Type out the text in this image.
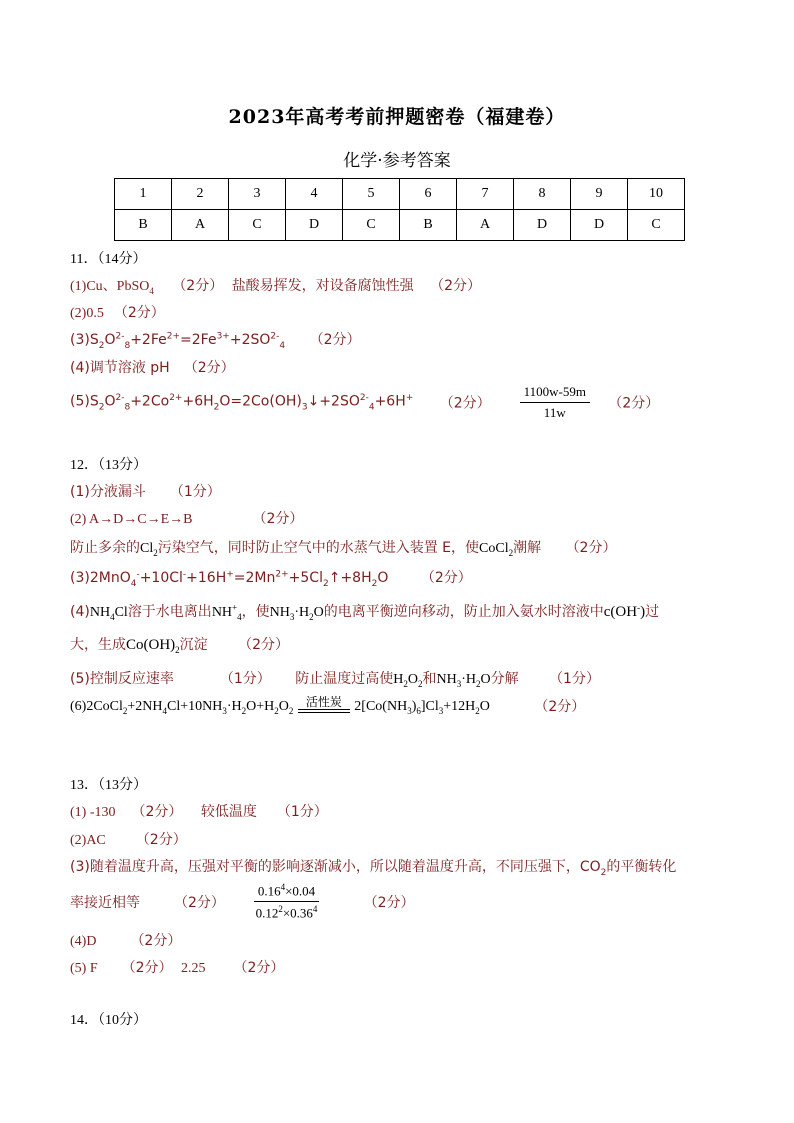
2023年高考考前押题密卷（福建卷）
化学·参考答案
1	2	3	4	5	6	7	8	9	10
B	A	C	D	C	B	A	D	D	C
11．（14分）
(1)Cu、PbSO$_4$ （2分） 盐酸易挥发，对设备腐蚀性强 （2分）
(2)0.5 （2分）
$(3)S_2O^{2-}_8+2Fe^{2+}=2Fe^{3+}+2SO^{2-}_4$ （2分）
(4)调节溶液 pH （2分）
$(5)S_2O^{2-}_8+2Co^{2+}+6H_2O=2Co(OH)_3↓+2SO^{2-}_4+6H^+$ （2分） $\frac{1100w-59m}{11w} (2$分）
12．（13分）
(1)分液漏斗 （1分）
(2) A→D→C→E→B	（2分）
防止多余的$Cl_2$污染空气，同时防止空气中的水蒸气进入装置 E，使CoCl$_2$潮解 （2分）
$(3)2MnO_4^-+10Cl^-+16H^+=2Mn^{2+}+5Cl_2↑+8H_2O$ （2分）
$(4)NH_4Cl$溶于水电离出$NH^+_4$，使$NH_3\cdot H_2O$的电离平衡逆向移动，防止加入氨水时溶液中c(OH-)过
大，生成$Co(OH)_2$沉淀 （2分）
(5)控制反应速率	（1分） 防止温度过高使$H_2O_2$和$NH_3\cdot H_2O$分解 （1分）
$(6)2CoCl_2+2NH_4Cl+10NH_3\cdot H_2O+H_2O_2$
活性炭 $2[Co(NH_3)_6]Cl_3+12H_2O$	（2分）
13．（13分）
(1) -130 （2分） 较低温度 （1分）
(2)AC （2分）
(3)随着温度升高，压强对平衡的影响逐渐减小，所以随着温度升高，不同压强下，$CO_2$的平衡转化
率接近相等 （2分） $\frac{0.16^4\times 0.04}{0.12^2\times 0.36^4}$	（2分）
(4)D （2分）
(5) F （2分） 2.25 （2分）
14．（10分）
